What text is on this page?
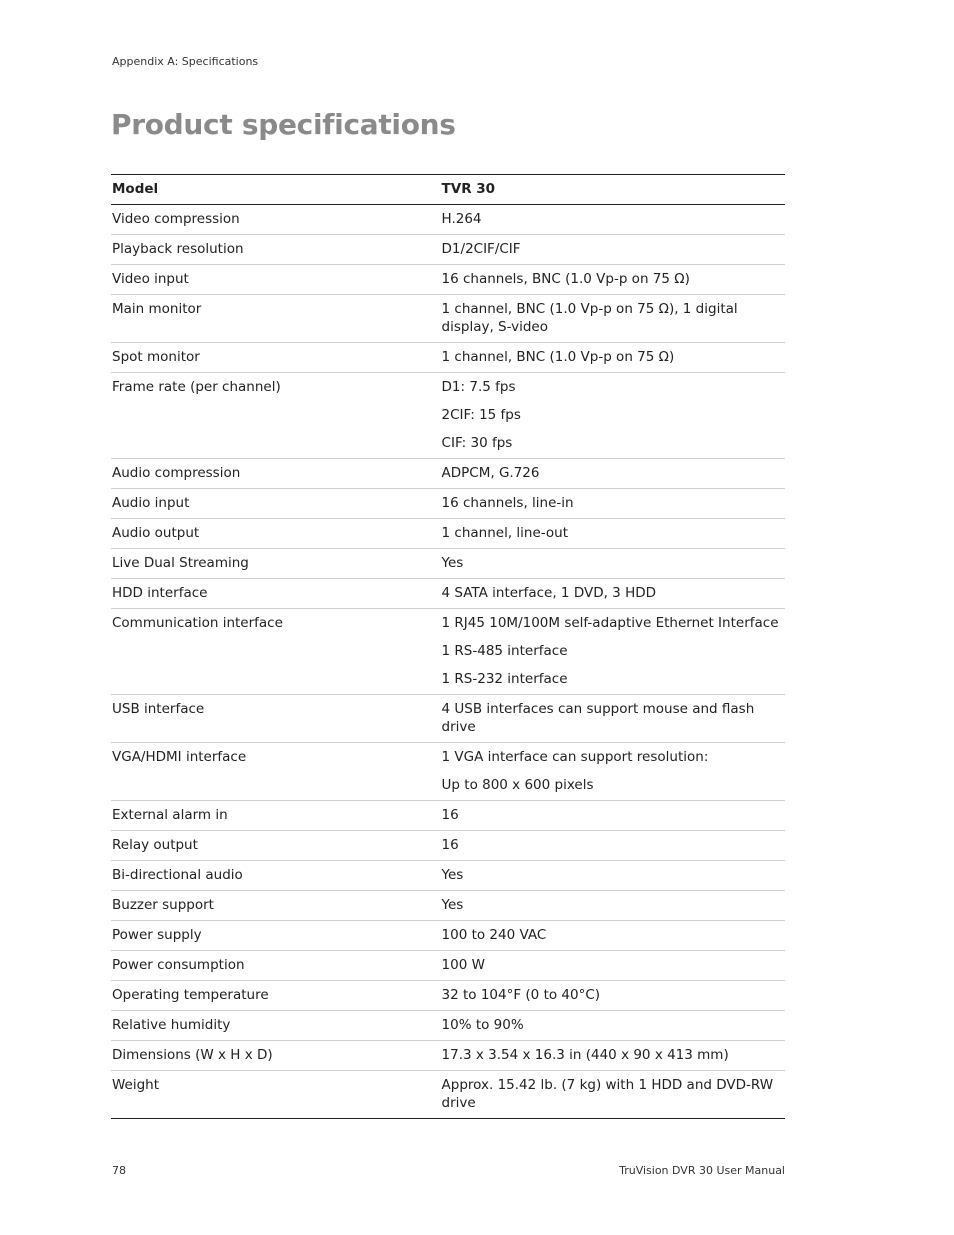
Appendix A: Specifications
Product specifications
Model	TVR 30
Video compression	H.264

Playback resolution	D1/2CIF/CIF

Video input	16 channels, BNC (1.0 Vp-p on 75 Ω)

Main monitor	1 channel, BNC (1.0 Vp-p on 75 Ω), 1 digital display, S-video

Spot monitor	1 channel, BNC (1.0 Vp-p on 75 Ω)

Frame rate (per channel)	D1: 7.5 fps
2CIF: 15 fps
CIF: 30 fps

Audio compression	ADPCM, G.726

Audio input	16 channels, line-in

Audio output	1 channel, line-out

Live Dual Streaming	Yes

HDD interface	4 SATA interface, 1 DVD, 3 HDD

Communication interface	1 RJ45 10M/100M self-adaptive Ethernet Interface
1 RS-485 interface
1 RS-232 interface

USB interface	4 USB interfaces can support mouse and flash drive

VGA/HDMI interface	1 VGA interface can support resolution:
Up to 800 x 600 pixels

External alarm in	16

Relay output	16

Bi-directional audio	Yes

Buzzer support	Yes

Power supply	100 to 240 VAC

Power consumption	100 W

Operating temperature	32 to 104°F (0 to 40°C)

Relative humidity	10% to 90%

Dimensions (W x H x D)	17.3 x 3.54 x 16.3 in (440 x 90 x 413 mm)

Weight	Approx. 15.42 lb. (7 kg) with 1 HDD and DVD-RW drive
78	TruVision DVR 30 User Manual
